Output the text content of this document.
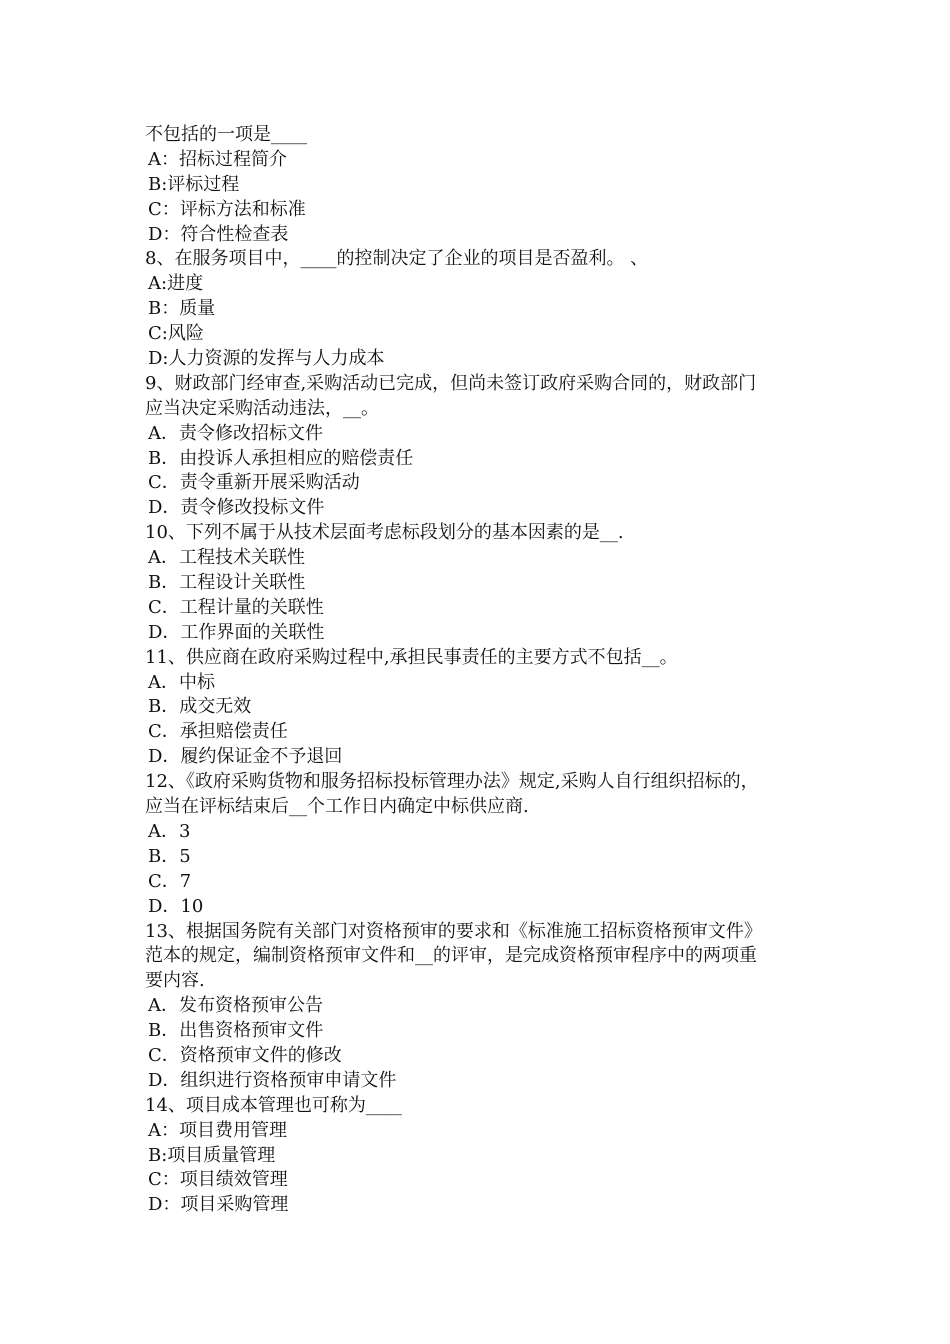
不包括的一项是____
A：招标过程简介
B:评标过程
C：评标方法和标准
D：符合性检查表
8、在服务项目中，____的控制决定了企业的项目是否盈利。 、
A:进度
B：质量
C:风险
D:人力资源的发挥与人力成本
9、财政部门经审查,采购活动已完成，但尚未签订政府采购合同的，财政部门
应当决定采购活动违法，__。
A．责令修改招标文件
B．由投诉人承担相应的赔偿责任
C．责令重新开展采购活动
D．责令修改投标文件
10、下列不属于从技术层面考虑标段划分的基本因素的是__.
A．工程技术关联性
B．工程设计关联性
C．工程计量的关联性
D．工作界面的关联性
11、供应商在政府采购过程中,承担民事责任的主要方式不包括__。
A．中标
B．成交无效
C．承担赔偿责任
D．履约保证金不予退回
12、《政府采购货物和服务招标投标管理办法》规定,采购人自行组织招标的，
应当在评标结束后__个工作日内确定中标供应商.
A．3
B．5
C．7
D．10
13、根据国务院有关部门对资格预审的要求和《标准施工招标资格预审文件》
范本的规定，编制资格预审文件和__的评审，是完成资格预审程序中的两项重
要内容.
A．发布资格预审公告
B．出售资格预审文件
C．资格预审文件的修改
D．组织进行资格预审申请文件
14、项目成本管理也可称为____
A：项目费用管理
B:项目质量管理
C：项目绩效管理
D：项目采购管理
